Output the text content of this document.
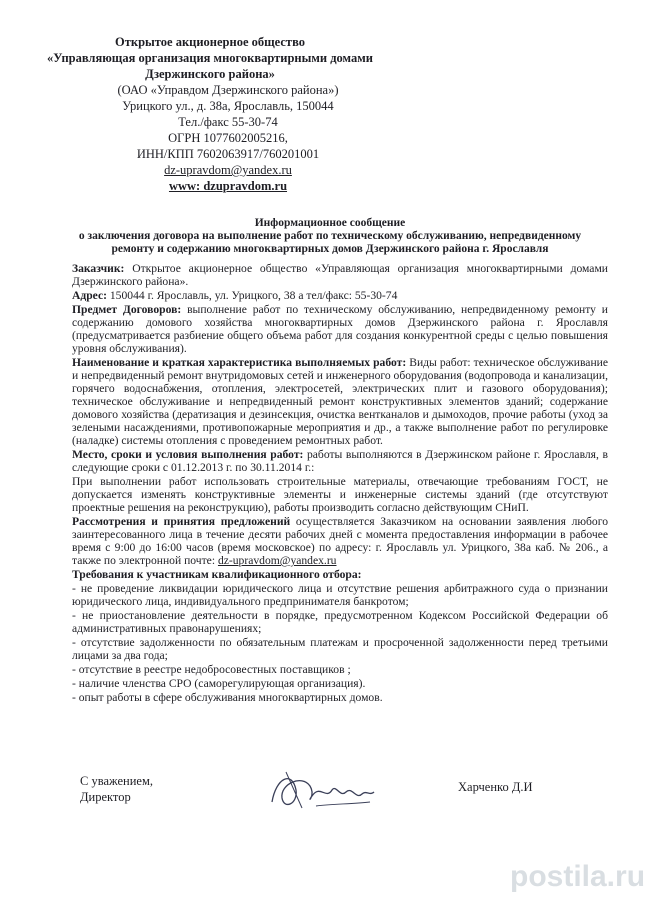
Открытое акционерное общество
«Управляющая организация многоквартирными домами
Дзержинского района»
(ОАО «Управдом Дзержинского района»)
Урицкого ул., д. 38а, Ярославль, 150044
Тел./факс 55-30-74
ОГРН 1077602005216,
ИНН/КПП 7602063917/760201001
dz-upravdom@yandex.ru
www: dzupravdom.ru
Информационное сообщение
о заключения договора на выполнение работ по техническому обслуживанию, непредвиденному
ремонту и содержанию многоквартирных домов Дзержинского района г. Ярославля

Заказчик: Открытое акционерное общество «Управляющая организация многоквартирными домами Дзержинского района».

Адрес: 150044 г. Ярославль, ул. Урицкого, 38 а тел/факс: 55-30-74

Предмет Договоров: выполнение работ по техническому обслуживанию, непредвиденному ремонту и содержанию домового хозяйства многоквартирных домов Дзержинского района г. Ярославля (предусматривается разбиение общего объема работ для создания конкурентной среды с целью повышения уровня обслуживания).

Наименование и краткая характеристика выполняемых работ: Виды работ: техническое обслуживание и непредвиденный ремонт внутридомовых сетей и инженерного оборудования (водопровода и канализации, горячего водоснабжения, отопления, электросетей, электрических плит и газового оборудования); техническое обслуживание и непредвиденный ремонт конструктивных элементов зданий; содержание домового хозяйства (дератизация и дезинсекция, очистка вентканалов и дымоходов, прочие работы (уход за зелеными насаждениями, противопожарные мероприятия и др., а также выполнение работ по регулировке (наладке) системы отопления с проведением ремонтных работ.

Место, сроки и условия выполнения работ: работы выполняются в Дзержинском районе г. Ярославля, в следующие сроки с 01.12.2013 г. по 30.11.2014 г.:

При выполнении работ использовать строительные материалы, отвечающие требованиям ГОСТ, не допускается изменять конструктивные элементы и инженерные системы зданий (где отсутствуют проектные решения на реконструкцию), работы производить согласно действующим СНиП.

Рассмотрения и принятия предложений осуществляется Заказчиком на основании заявления любого заинтересованного лица в течение десяти рабочих дней с момента предоставления информации в рабочее время с 9:00 до 16:00 часов (время московское) по адресу: г. Ярославль ул. Урицкого, 38а каб. № 206., а также по электронной почте: dz-upravdom@yandex.ru

Требования к участникам квалификационного отбора:

- не проведение ликвидации юридического лица и отсутствие решения арбитражного суда о признании юридического лица, индивидуального предпринимателя банкротом;

- не приостановление деятельности в порядке, предусмотренном Кодексом Российской Федерации об административных правонарушениях;

- отсутствие задолженности по обязательным платежам и просроченной задолженности перед третьими лицами за два года;

- отсутствие в реестре недобросовестных поставщиков ;

- наличие членства СРО (саморегулирующая организация).

- опыт работы в сфере обслуживания многоквартирных домов.

С уважением,
Директор
Харченко Д.И
postila.ru
